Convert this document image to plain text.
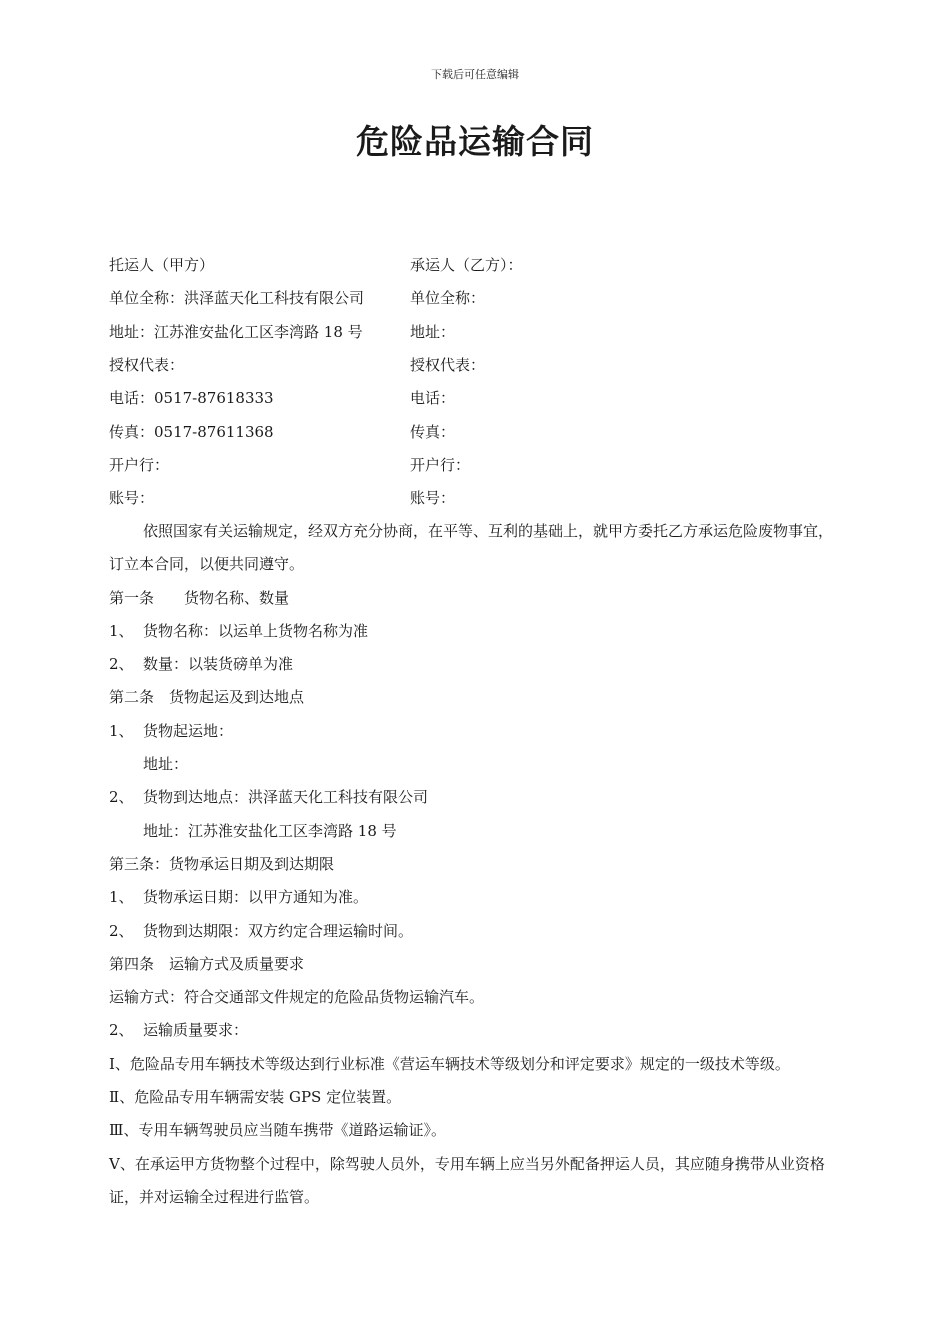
下载后可任意编辑
危险品运输合同
托运人（甲方）	承运人（乙方）：
单位全称：洪泽蓝天化工科技有限公司	单位全称：
地址：江苏淮安盐化工区李湾路 18 号	地址：
授权代表：	授权代表：
电话：0517-87618333	电话：
传真：0517-87611368	传真：
开户行：	开户行：
账号：	账号：
依照国家有关运输规定，经双方充分协商，在平等、互利的基础上，就甲方委托乙方承运危险废物事宜，订立本合同，以便共同遵守。
第一条　　货物名称、数量
1、 货物名称：以运单上货物名称为准
2、 数量：以装货磅单为准
第二条　货物起运及到达地点
1、 货物起运地：
地址：
2、 货物到达地点：洪泽蓝天化工科技有限公司
地址：江苏淮安盐化工区李湾路 18 号
第三条：货物承运日期及到达期限
1、 货物承运日期：以甲方通知为准。
2、 货物到达期限：双方约定合理运输时间。
第四条　运输方式及质量要求
运输方式：符合交通部文件规定的危险品货物运输汽车。
2、 运输质量要求：
Ⅰ、危险品专用车辆技术等级达到行业标准《营运车辆技术等级划分和评定要求》规定的一级技术等级。
Ⅱ、危险品专用车辆需安装 GPS 定位装置。
Ⅲ、专用车辆驾驶员应当随车携带《道路运输证》。
Ⅴ、在承运甲方货物整个过程中，除驾驶人员外，专用车辆上应当另外配备押运人员，其应随身携带从业资格证，并对运输全过程进行监管。
